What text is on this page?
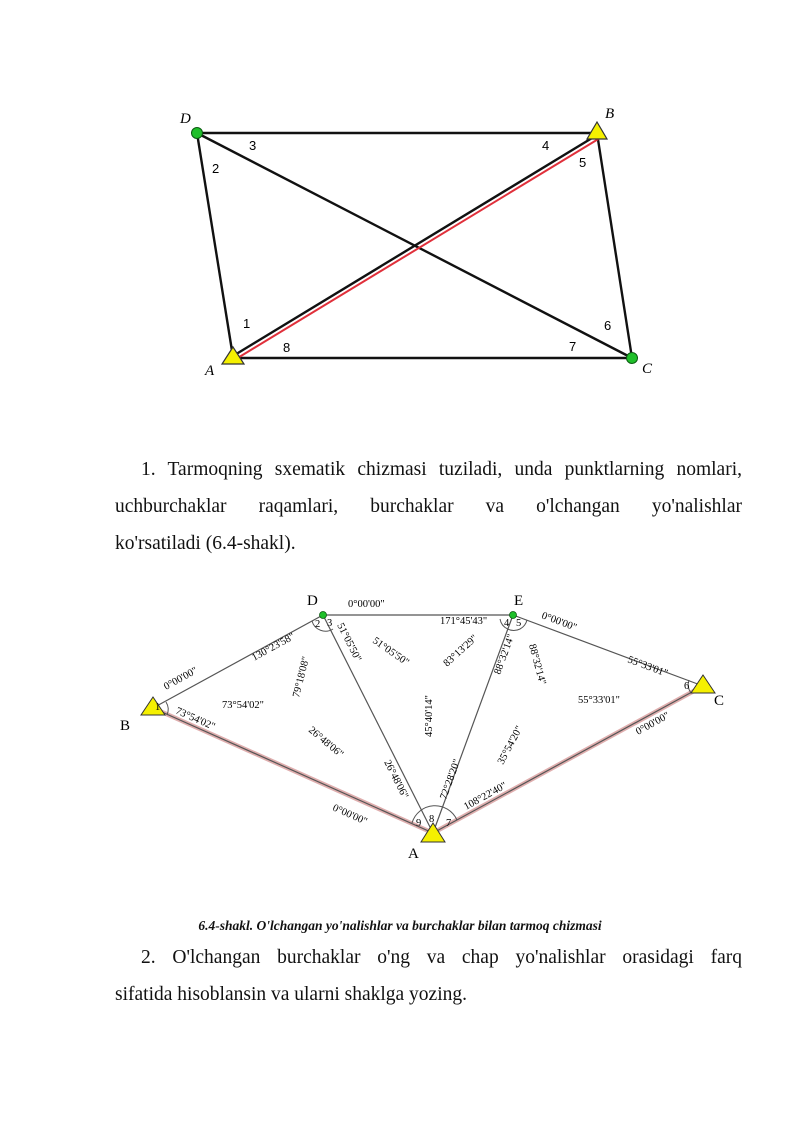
D	B
A	C
1
2
3	4
5
6
7
8
1. Tarmoqning sxematik chizmasi tuziladi, unda punktlarning nomlari,
uchburchaklar raqamlari, burchaklar va o'lchangan yo'nalishlar
ko'rsatiladi (6.4-shakl).
D	E
B
C
A
1
2 3	4 5
6
7
8
9
0°00'00"
171°45'43"	0°00'00"
0°00'00"
73°54'02"
130°23'58"
79°18'08"
51°05'50"	88°32'14" 88°32'14"	55°33'01"
0°00'00"
0°00'00"
26°48'06"	72°28'20" 108°22'40"
73°54'02"
26°48'06"
51°05'50"
45°40'14"
83°13'29"
35°54'20"
55°33'01"
6.4-shakl. O'lchangan yo'nalishlar va burchaklar bilan tarmoq chizmasi
2. O'lchangan burchaklar o'ng va chap yo'nalishlar orasidagi farq
sifatida hisoblansin va ularni shaklga yozing.
